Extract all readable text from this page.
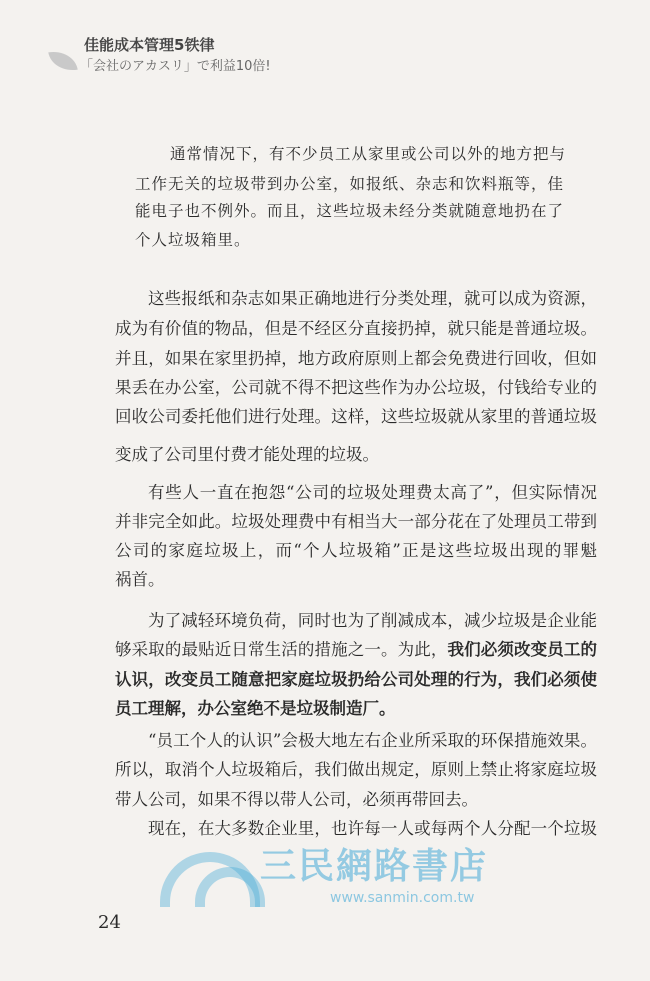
佳能成本管理5铁律
「会社のアカスリ」で利益10倍!
通常情况下，有不少员工从家里或公司以外的地方把与
工作无关的垃圾带到办公室，如报纸、杂志和饮料瓶等，佳
能电子也不例外。而且，这些垃圾未经分类就随意地扔在了
个人垃圾箱里。
这些报纸和杂志如果正确地进行分类处理，就可以成为资源，
成为有价值的物品，但是不经区分直接扔掉，就只能是普通垃圾。
并且，如果在家里扔掉，地方政府原则上都会免费进行回收，但如
果丢在办公室，公司就不得不把这些作为办公垃圾，付钱给专业的
回收公司委托他们进行处理。这样，这些垃圾就从家里的普通垃圾
变成了公司里付费才能处理的垃圾。
有些人一直在抱怨“公司的垃圾处理费太高了”，但实际情况
并非完全如此。垃圾处理费中有相当大一部分花在了处理员工带到
公司的家庭垃圾上，而“个人垃圾箱”正是这些垃圾出现的罪魁
祸首。
为了减轻环境负荷，同时也为了削减成本，减少垃圾是企业能
够采取的最贴近日常生活的措施之一。为此，我们必须改变员工的
认识，改变员工随意把家庭垃圾扔给公司处理的行为，我们必须使
员工理解，办公室绝不是垃圾制造厂。
“员工个人的认识”会极大地左右企业所采取的环保措施效果。
所以，取消个人垃圾箱后，我们做出规定，原则上禁止将家庭垃圾
带人公司，如果不得以带人公司，必须再带回去。
现在，在大多数企业里，也许每一人或每两个人分配一个垃圾
三民網路書店
www.sanmin.com.tw
24
